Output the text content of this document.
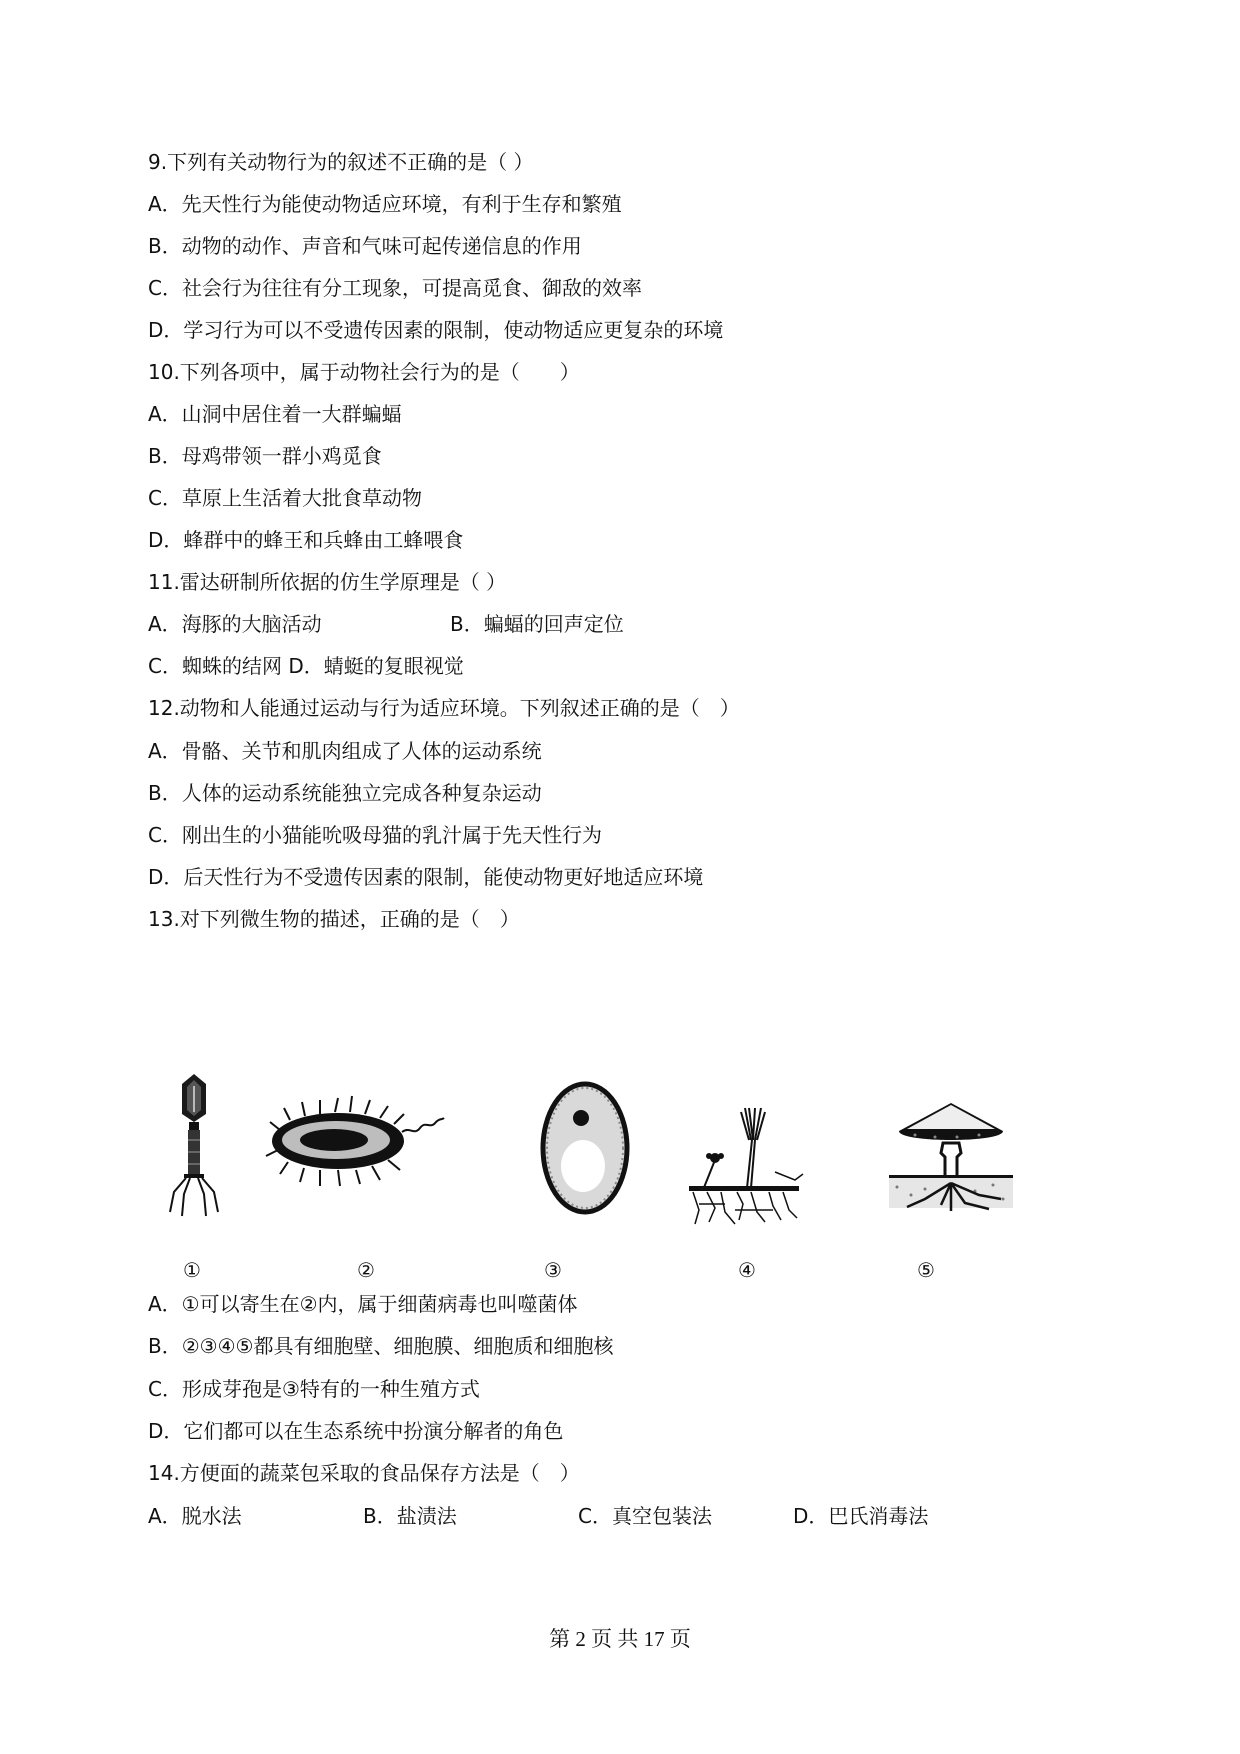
9.下列有关动物行为的叙述不正确的是（ ）
A．先天性行为能使动物适应环境，有利于生存和繁殖
B．动物的动作、声音和气味可起传递信息的作用
C．社会行为往往有分工现象，可提高觅食、御敌的效率
D．学习行为可以不受遗传因素的限制，使动物适应更复杂的环境
10.下列各项中，属于动物社会行为的是（　　）
A．山洞中居住着一大群蝙蝠
B．母鸡带领一群小鸡觅食
C．草原上生活着大批食草动物
D．蜂群中的蜂王和兵蜂由工蜂喂食
11.雷达研制所依据的仿生学原理是（ ）
A．海豚的大脑活动	B．蝙蝠的回声定位
C．蜘蛛的结网 D．蜻蜓的复眼视觉
12.动物和人能通过运动与行为适应环境。下列叙述正确的是（　）
A．骨骼、关节和肌肉组成了人体的运动系统
B．人体的运动系统能独立完成各种复杂运动
C．刚出生的小猫能吮吸母猫的乳汁属于先天性行为
D．后天性行为不受遗传因素的限制，能使动物更好地适应环境
13.对下列微生物的描述，正确的是（　）
①	②	③	④	⑤
A．①可以寄生在②内，属于细菌病毒也叫噬菌体
B．②③④⑤都具有细胞壁、细胞膜、细胞质和细胞核
C．形成芽孢是③特有的一种生殖方式
D．它们都可以在生态系统中扮演分解者的角色
14.方便面的蔬菜包采取的食品保存方法是（　）
A．脱水法	B．盐渍法	C．真空包装法	D．巴氏消毒法
第 2 页 共 17 页
